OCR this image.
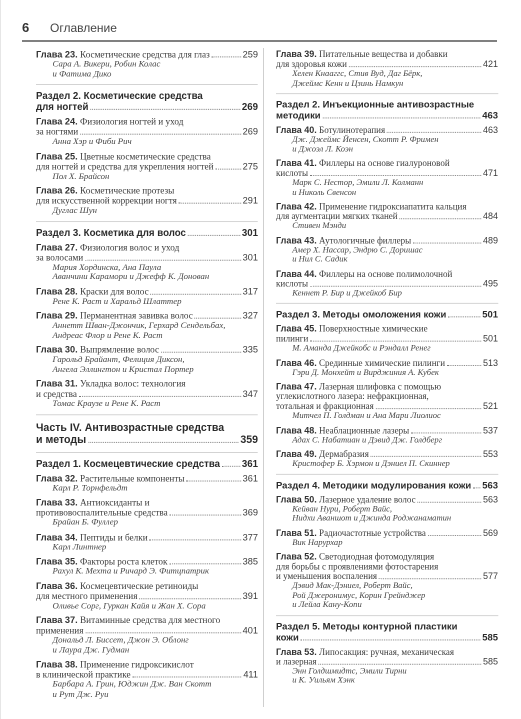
6 Оглавление
Глава 23. Косметические средства для глаз	259
Сара А. Викери, Робин Колас
и Фатима Дико
Раздел 2. Косметические средства
для ногтей	269
Глава 24. Физиология ногтей и уход
за ногтями	269
Анна Хэр и Фиби Рич
Глава 25. Цветные косметические средства
для ногтей и средства для укрепления ногтей	275
Пол Х. Брайсон
Глава 26. Косметические протезы
для искусственной коррекции ногтя	291
Дуглас Шун
Раздел 3. Косметика для волос	301
Глава 27. Физиология волос и уход
за волосами	301
Мария Хординска, Ана Паула
Аванчини Карамори и Джефф К. Донован
Глава 28. Краски для волос	317
Рене К. Раст и Харальд Шлаттер
Глава 29. Перманентная завивка волос	327
Аннетт Шван-Джончик, Герхард Сендельбах,
Андреас Флор и Рене К. Раст
Глава 30. Выпрямление волос	335
Гарольд Брайант, Фелиция Диксон,
Ангела Эллингтон и Кристал Портер
Глава 31. Укладка волос: технология
и средства	347
Томас Краузе и Рене К. Раст
Часть IV. Антивозрастные средства
и методы	359
Раздел 1. Космецевтические средства 361
Глава 32. Растительные компоненты	361
Карл Р. Торнфельдт
Глава 33. Антиоксиданты и
противовоспалительные средства	369
Брайан Б. Фуллер
Глава 34. Пептиды и белки	377
Карл Линтнер
Глава 35. Факторы роста клеток	385
Рахул К. Мехта и Ричард Э. Фитцпатрик
Глава 36. Космецевтические ретиноиды
для местного применения	391
Оливье Сорг, Гуркан Кайя и Жан Х. Сора
Глава 37. Витаминные средства для местного
применения	401
Дональд Л. Биссет, Джон Э. Облонг
и Лаура Дж. Гудман
Глава 38. Применение гидроксикислот
в клинической практике	411
Барбара А. Грин, Юджин Дж. Ван Скотт
и Рут Дж. Руи
Глава 39. Питательные вещества и добавки
для здоровья кожи	421
Хелен Кнааггс, Стив Вуд, Даг Бёрк,
Джеймс Кенн и Цзинь Намкун
Раздел 2. Инъекционные антивозрастные
методики	463
Глава 40. Ботулинотерапия	463
Дж. Джеймс Йенсен, Скотт Р. Фримен
и Джоэл Л. Коэн
Глава 41. Филлеры на основе гиалуроновой
кислоты	471
Марк С. Нестор, Эмили Л. Колманн
и Николь Свенсон
Глава 42. Применение гидроксиапатита кальция
для аугментации мягких тканей	484
Стивен Мэнди
Глава 43. Аутологичные филлеры	489
Амер Х. Нассар, Эндрю С. Доришас
и Нил С. Садик
Глава 44. Филлеры на основе полимолочной
кислоты	495
Кеннет Р. Бир и Джейкоб Бир
Раздел 3. Методы омоложения кожи	501
Глава 45. Поверхностные химические
пилинги	501
М. Аманда Джейкобс и Рэндалл Ренег
Глава 46. Срединные химические пилинги	513
Гэри Д. Монхейт и Вирджиния А. Кубек
Глава 47. Лазерная шлифовка с помощью
углекислотного лазера: нефракционная,
тотальная и фракционная	521
Митчел П. Голдман и Ана Мари Лиолиос
Глава 48. Неаблационные лазеры	537
Адах С. Набатиан и Дэвид Дж. Голдберг
Глава 49. Дермабразия	553
Кристофер Б. Хэрмон и Дэниел П. Скиннер
Раздел 4. Методики модулирования кожи 563
Глава 50. Лазерное удаление волос	563
Кейван Нури, Роберт Вайс,
Нидхи Аваншот и Джинда Роджанаматин
Глава 51. Радиочастотные устройства	569
Вик Нарурхар
Глава 52. Светодиодная фотомодуляция
для борьбы с проявлениями фотостарения
и уменьшения воспаления	577
Дэвид Мак-Дэниел, Роберт Вайс,
Рой Джеронимус, Корин Грейнджер
и Лейла Кану-Копи
Раздел 5. Методы контурной пластики
кожи	585
Глава 53. Липосакция: ручная, механическая
и лазерная	585
Энн Голдшмидтс, Эмили Тирни
и К. Уильям Хэнк
